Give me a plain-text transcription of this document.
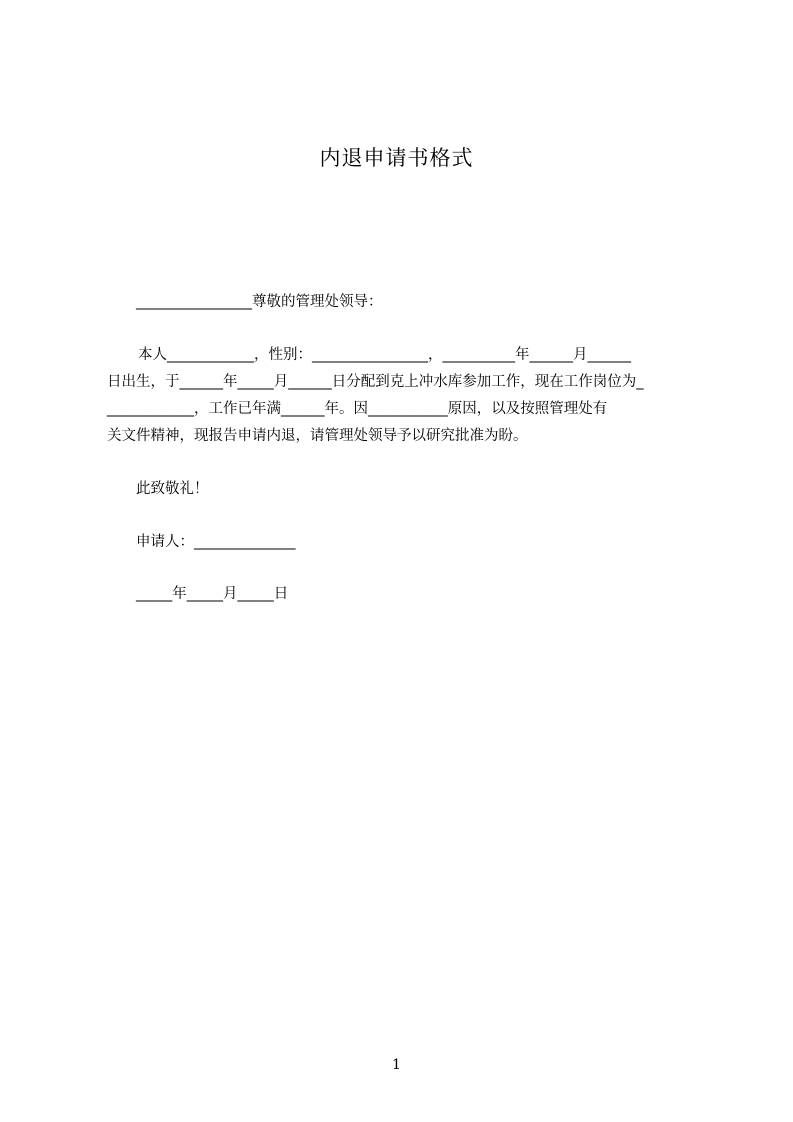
内退申请书格式
________________尊敬的管理处领导：
本人____________，性别：________________，__________年______月______
日出生，于______年_____月______日分配到克上冲水库参加工作，现在工作岗位为_
____________，工作已年满______年。因___________原因，以及按照管理处有
关文件精神，现报告申请内退，请管理处领导予以研究批准为盼。
此致敬礼！
申请人：______________
_____年_____月_____日
1
